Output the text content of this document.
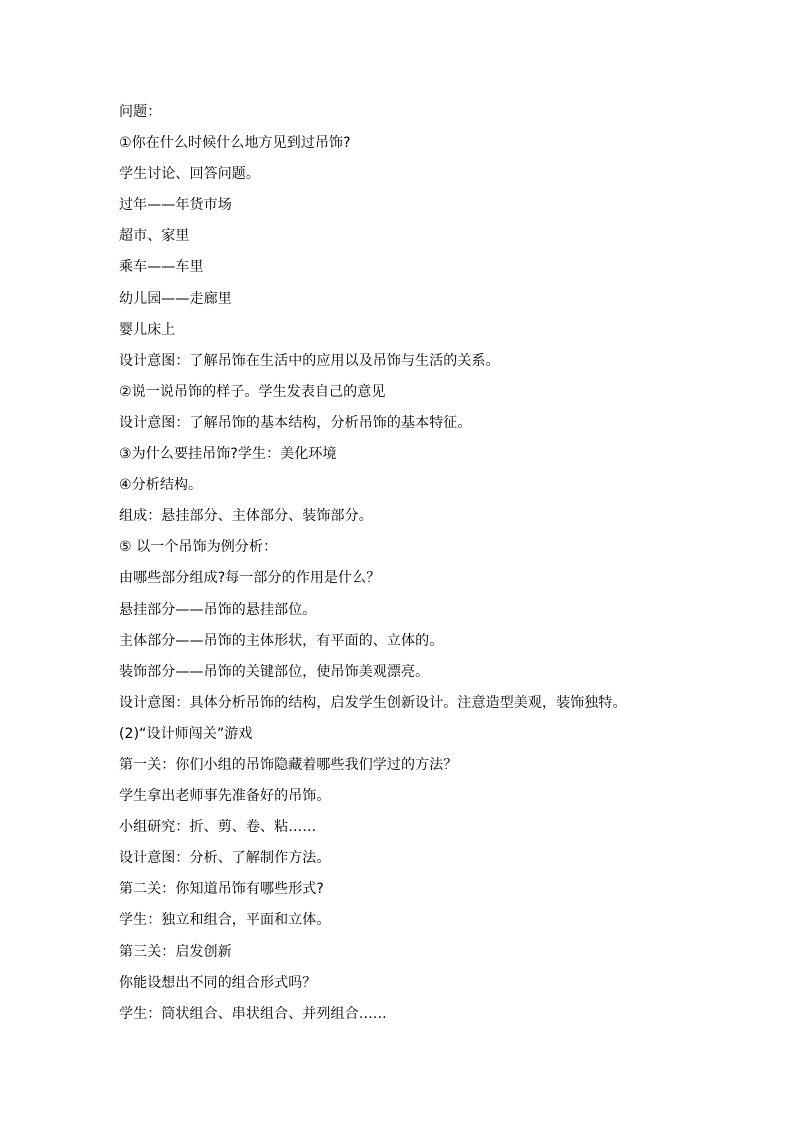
问题：
①你在什么时候什么地方见到过吊饰?
学生讨论、回答问题。
过年——年货市场
超市、家里
乘车——车里
幼儿园——走廊里
婴儿床上
设计意图：了解吊饰在生活中的应用以及吊饰与生活的关系。
②说一说吊饰的样子。学生发表自己的意见
设计意图：了解吊饰的基本结构，分析吊饰的基本特征。
③为什么要挂吊饰?学生：美化环境
④分析结构。
组成：悬挂部分、主体部分、装饰部分。
⑤ 以一个吊饰为例分析：
由哪些部分组成?每一部分的作用是什么？
悬挂部分——吊饰的悬挂部位。
主体部分——吊饰的主体形状，有平面的、立体的。
装饰部分——吊饰的关键部位，使吊饰美观漂亮。
设计意图：具体分析吊饰的结构，启发学生创新设计。注意造型美观，装饰独特。
(2)“设计师闯关”游戏
第一关：你们小组的吊饰隐藏着哪些我们学过的方法？
学生拿出老师事先准备好的吊饰。
小组研究：折、剪、卷、粘……
设计意图：分析、了解制作方法。
第二关：你知道吊饰有哪些形式?
学生：独立和组合，平面和立体。
第三关：启发创新
你能设想出不同的组合形式吗？
学生：筒状组合、串状组合、并列组合……
